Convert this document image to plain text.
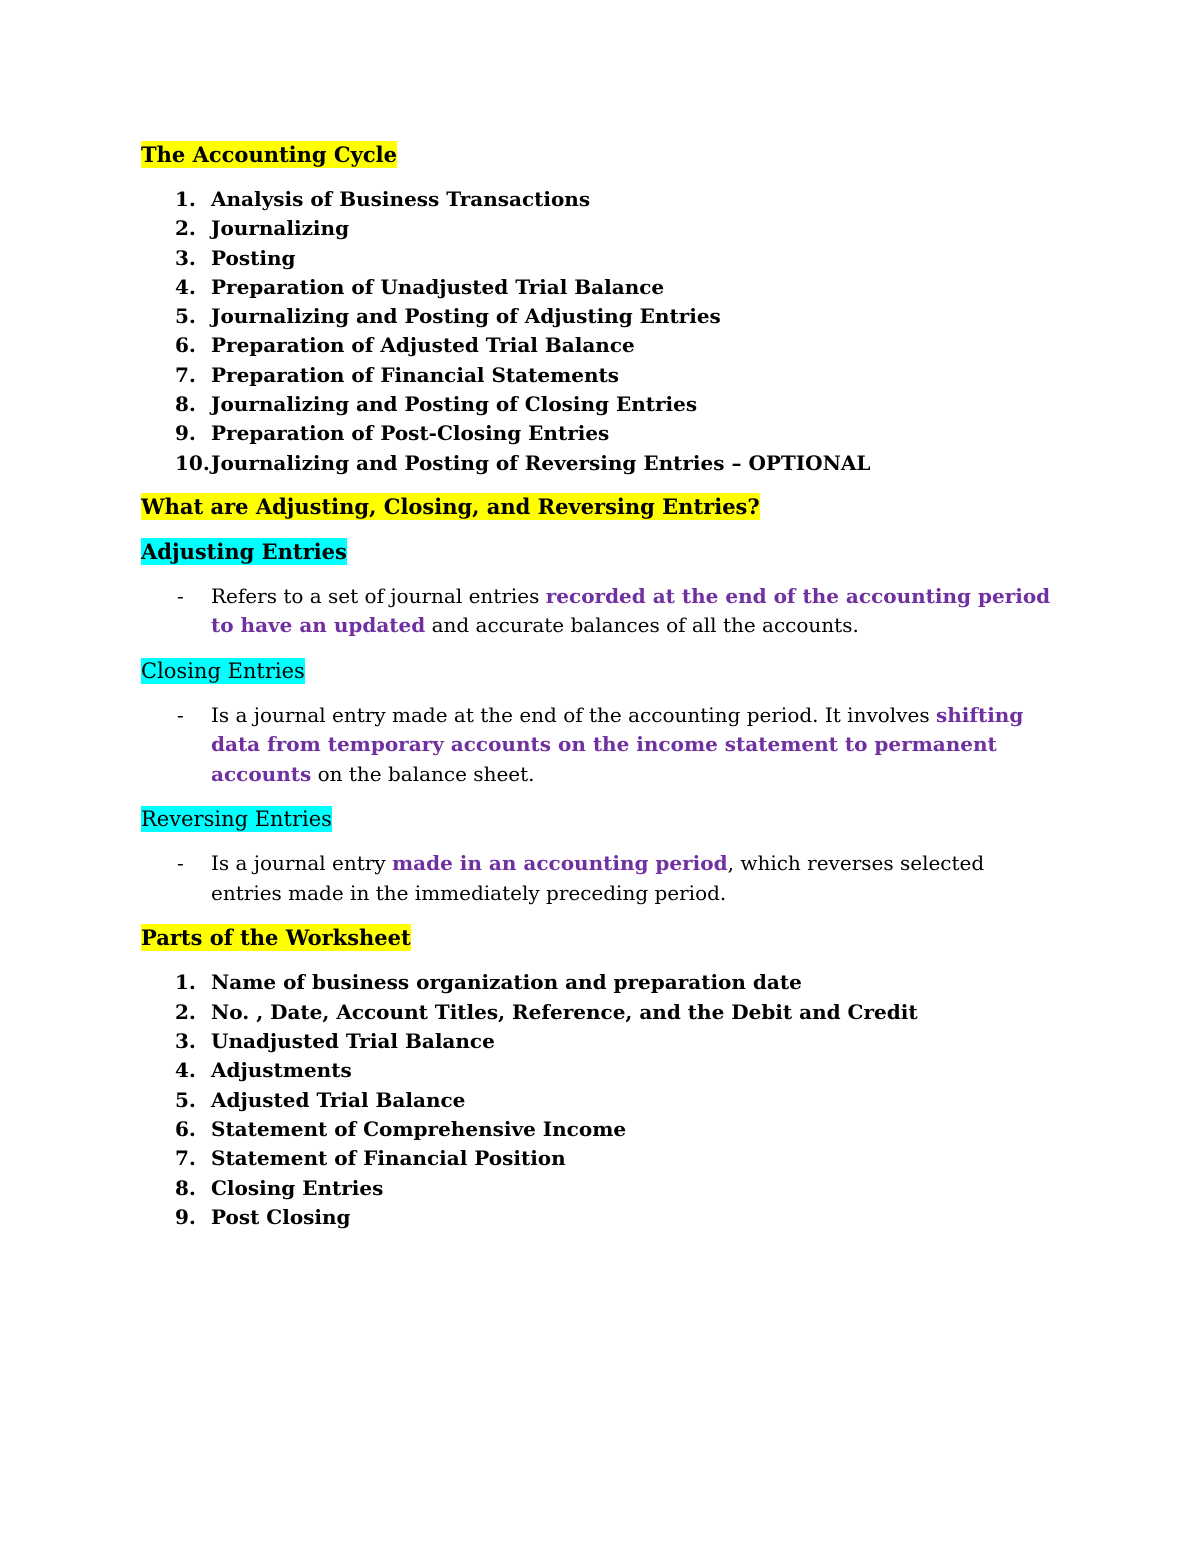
The Accounting Cycle
1. Analysis of Business Transactions
2. Journalizing
3. Posting
4. Preparation of Unadjusted Trial Balance
5. Journalizing and Posting of Adjusting Entries
6. Preparation of Adjusted Trial Balance
7. Preparation of Financial Statements
8. Journalizing and Posting of Closing Entries
9. Preparation of Post-Closing Entries
10. Journalizing and Posting of Reversing Entries – OPTIONAL
What are Adjusting, Closing, and Reversing Entries?
Adjusting Entries
- Refers to a set of journal entries recorded at the end of the accounting period to have an updated and accurate balances of all the accounts.
Closing Entries
- Is a journal entry made at the end of the accounting period. It involves shifting data from temporary accounts on the income statement to permanent accounts on the balance sheet.
Reversing Entries
- Is a journal entry made in an accounting period, which reverses selected entries made in the immediately preceding period.
Parts of the Worksheet
1. Name of business organization and preparation date
2. No. , Date, Account Titles, Reference, and the Debit and Credit
3. Unadjusted Trial Balance
4. Adjustments
5. Adjusted Trial Balance
6. Statement of Comprehensive Income
7. Statement of Financial Position
8. Closing Entries
9. Post Closing
